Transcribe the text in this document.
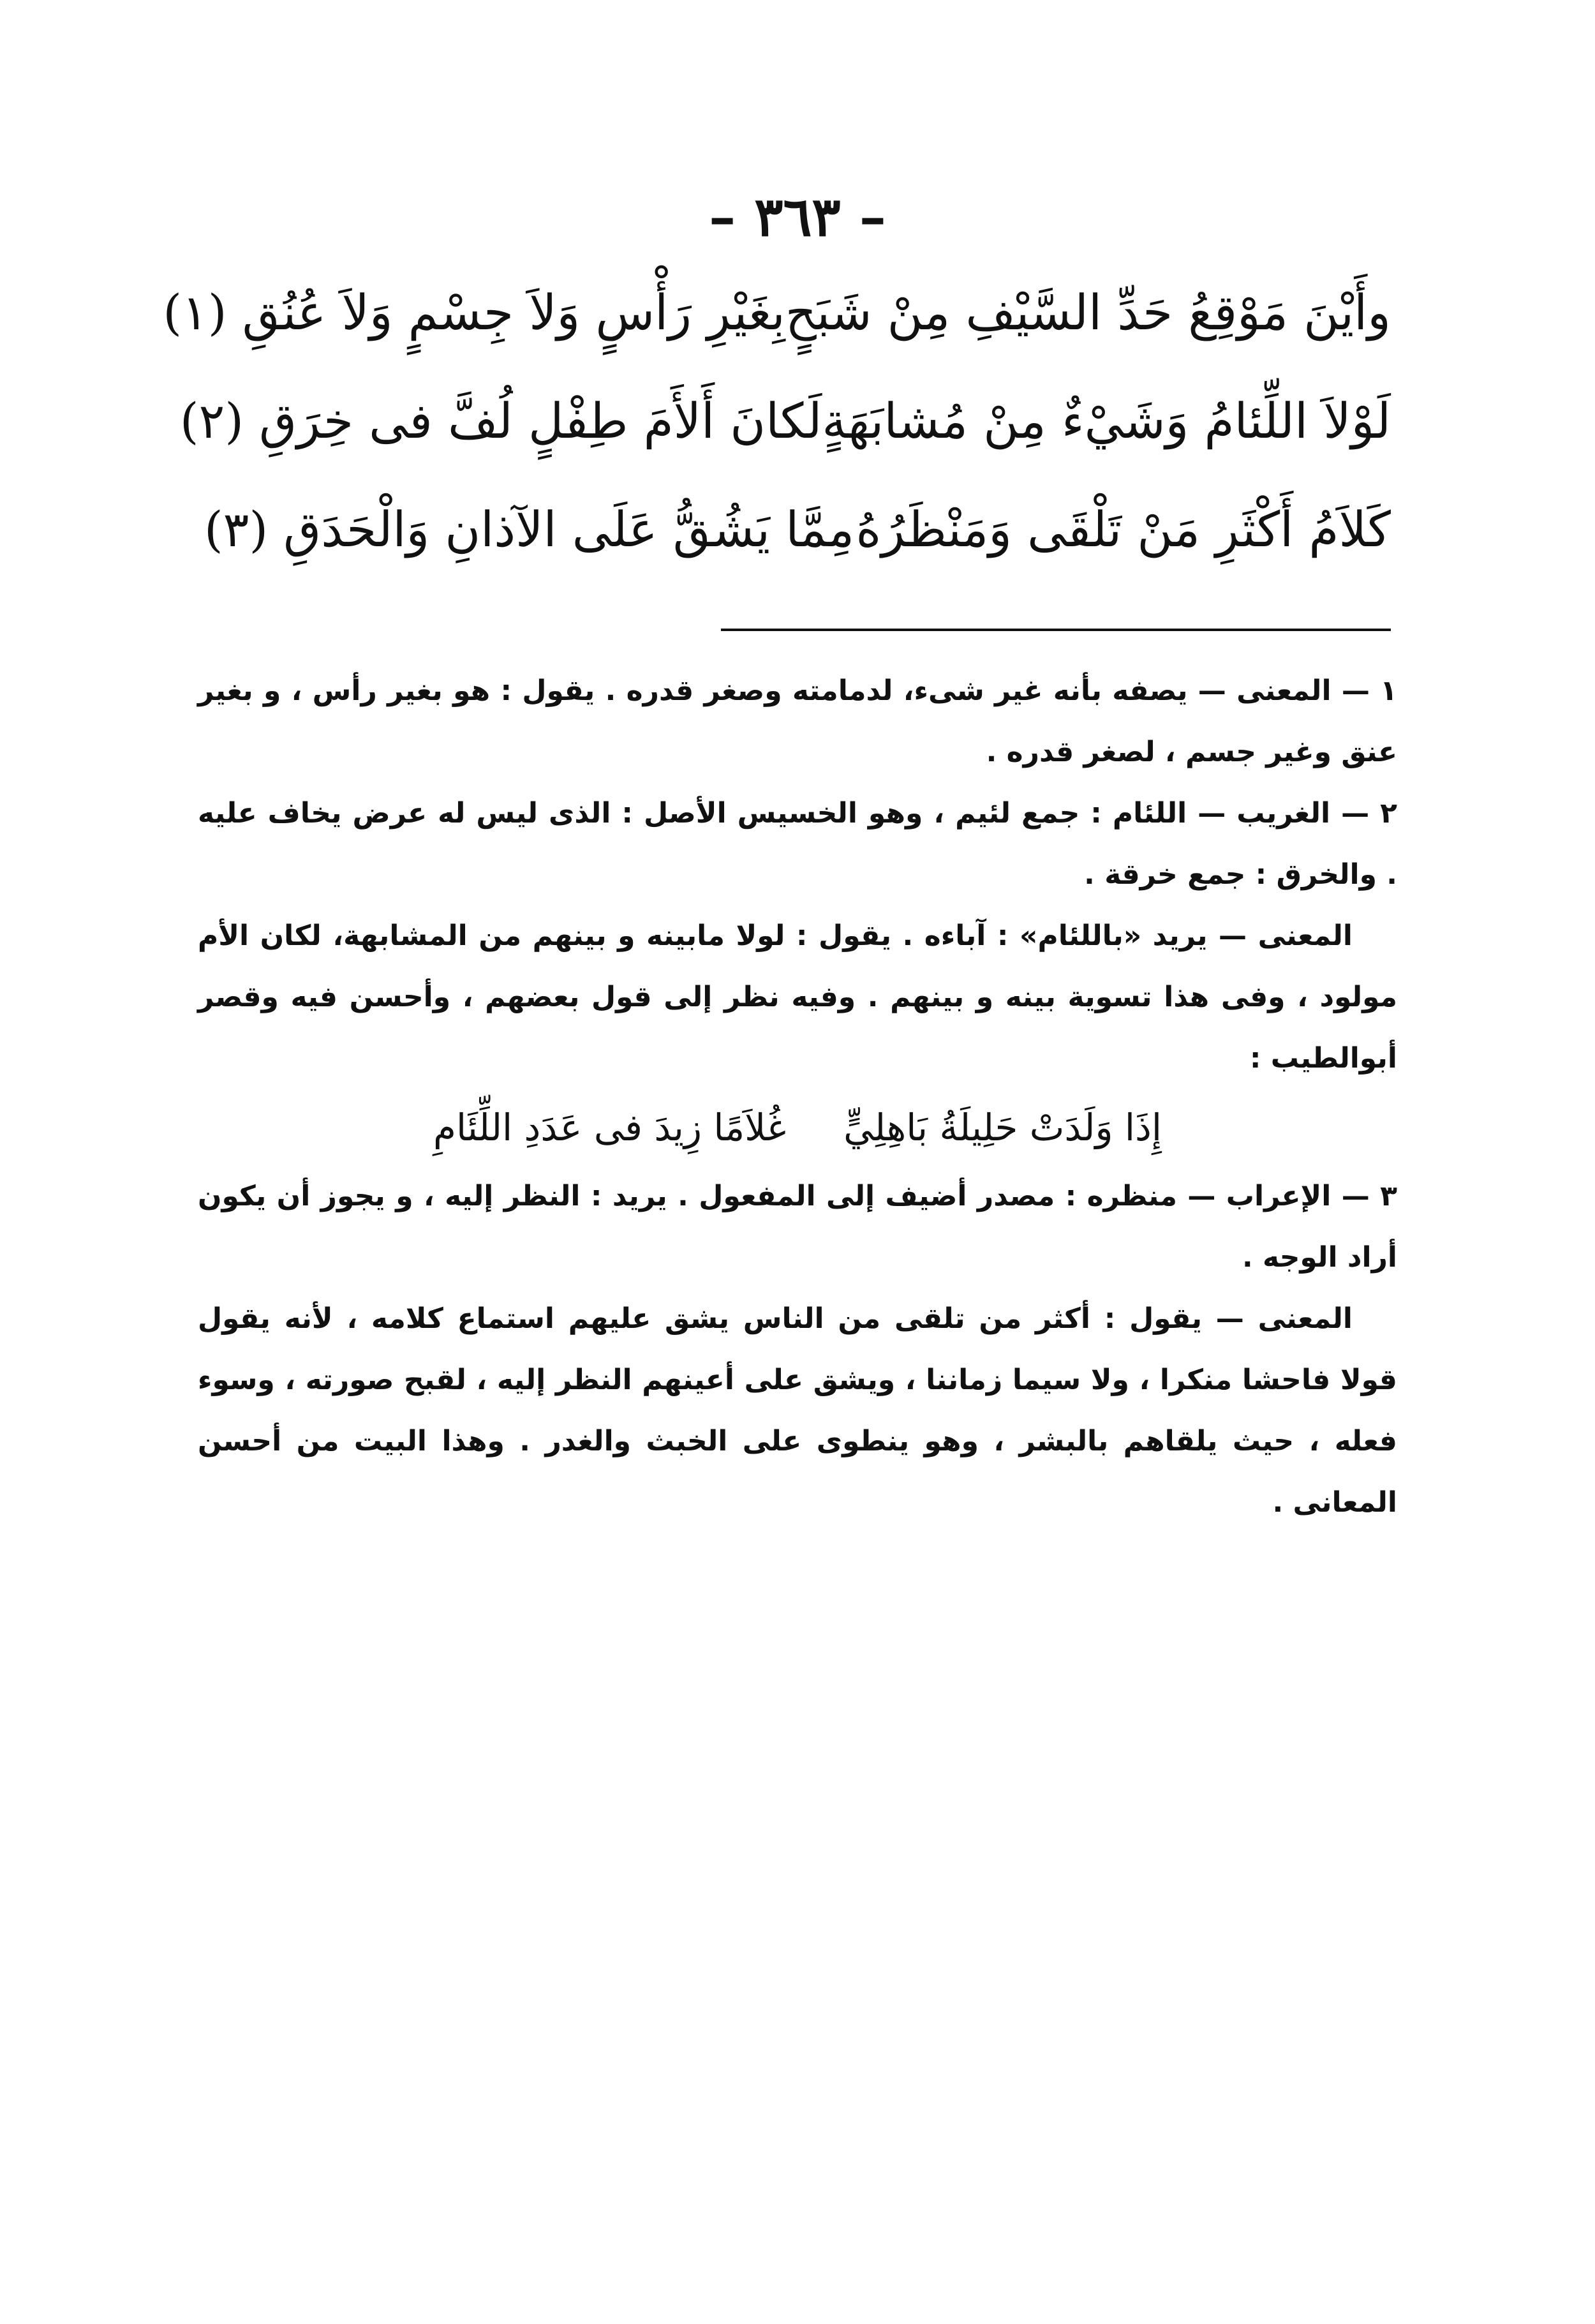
– ٣٦٣ –
وأَيْنَ مَوْقِعُ حَدِّ السَّيْفِ مِنْ شَبَحٍ
بِغَيْرِ رَأْسٍ وَلاَ جِسْمٍ وَلاَ عُنُقِ (١)
لَوْلاَ اللِّئامُ وَشَيْءٌ مِنْ مُشابَهَةٍ
لَكانَ أَلأَمَ طِفْلٍ لُفَّ فى خِرَقِ (٢)
كَلاَمُ أَكْثَرِ مَنْ تَلْقَى وَمَنْظَرُهُ
مِمَّا يَشُقُّ عَلَى الآذانِ وَالْحَدَقِ (٣)

١ — المعنى — يصفه بأنه غير شىء، لدمامته وصغر قدره . يقول : هو بغير رأس ، و بغير عنق وغير جسم ، لصغر قدره .

٢ — الغريب — اللئام : جمع لئيم ، وهو الخسيس الأصل : الذى ليس له عرض يخاف عليه . والخرق : جمع خرقة .

المعنى — يريد «باللئام» : آباءه . يقول : لولا مابينه و بينهم من المشابهة، لكان الأم مولود ، وفى هذا تسوية بينه و بينهم . وفيه نظر إلى قول بعضهم ، وأحسن فيه وقصر أبوالطيب :

إِذَا وَلَدَتْ حَلِيلَةُ بَاهِلِيٍّ
غُلاَمًا زِيدَ فى عَدَدِ اللِّئَامِ

٣ — الإعراب — منظره : مصدر أضيف إلى المفعول . يريد : النظر إليه ، و يجوز أن يكون أراد الوجه .

المعنى — يقول : أكثر من تلقى من الناس يشق عليهم استماع كلامه ، لأنه يقول قولا فاحشا منكرا ، ولا سيما زماننا ، ويشق على أعينهم النظر إليه ، لقبح صورته ، وسوء فعله ، حيث يلقاهم بالبشر ، وهو ينطوى على الخبث والغدر . وهذا البيت من أحسن المعانى .
